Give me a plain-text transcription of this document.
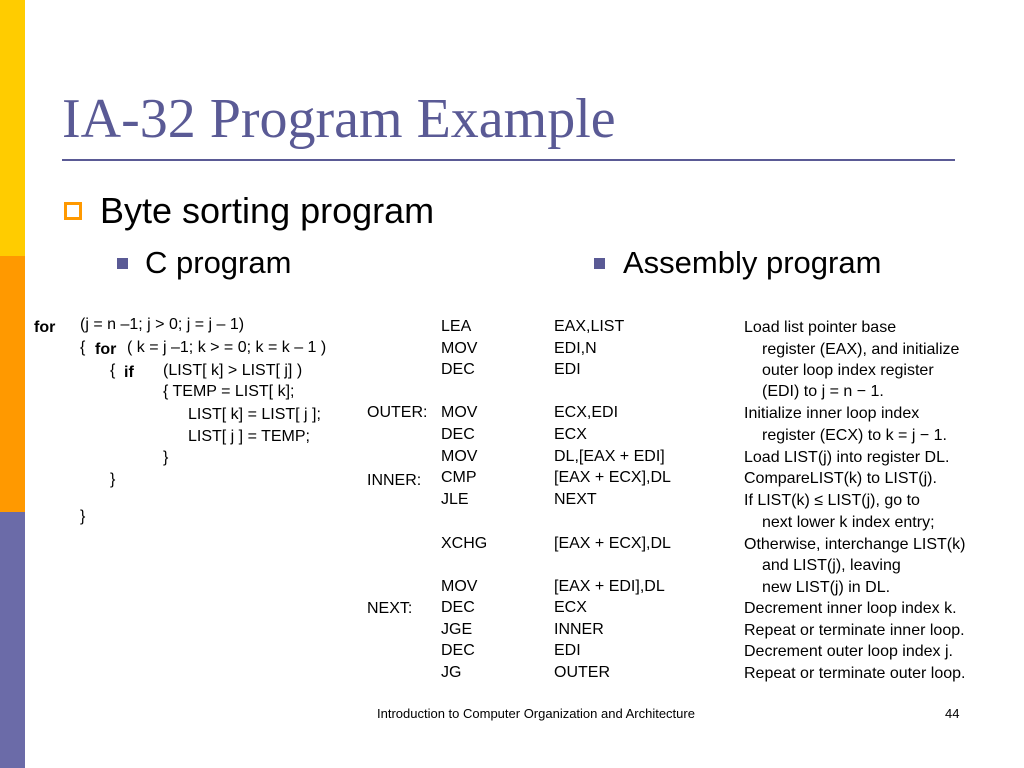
IA-32 Program Example
Byte sorting program
C program	Assembly program
for (j = n –1; j > 0; j = j – 1)
{ for ( k = j –1; k > = 0; k = k – 1 )
{ if (LIST[ k] > LIST[ j] )
{ TEMP = LIST[ k];
LIST[ k] = LIST[ j ];
LIST[ j ] = TEMP;
}
}
}
OUTER:
INNER:
NEXT:
LEA
MOV
DEC
MOV
DEC
MOV
CMP
JLE
XCHG
MOV
DEC
JGE
DEC
JG
EAX,LIST
EDI,N
EDI
ECX,EDI
ECX
DL,[EAX + EDI]
[EAX + ECX],DL
NEXT
[EAX + ECX],DL
[EAX + EDI],DL
ECX
INNER
EDI
OUTER
Load list pointer base
register (EAX), and initialize
outer loop index register
(EDI) to j = n − 1.
Initialize inner loop index
register (ECX) to k = j − 1.
Load LIST(j) into register DL.
CompareLIST(k) to LIST(j).
If LIST(k) ≤ LIST(j), go to
next lower k index entry;
Otherwise, interchange LIST(k)
and LIST(j), leaving
new LIST(j) in DL.
Decrement inner loop index k.
Repeat or terminate inner loop.
Decrement outer loop index j.
Repeat or terminate outer loop.
Introduction to Computer Organization and Architecture	44
